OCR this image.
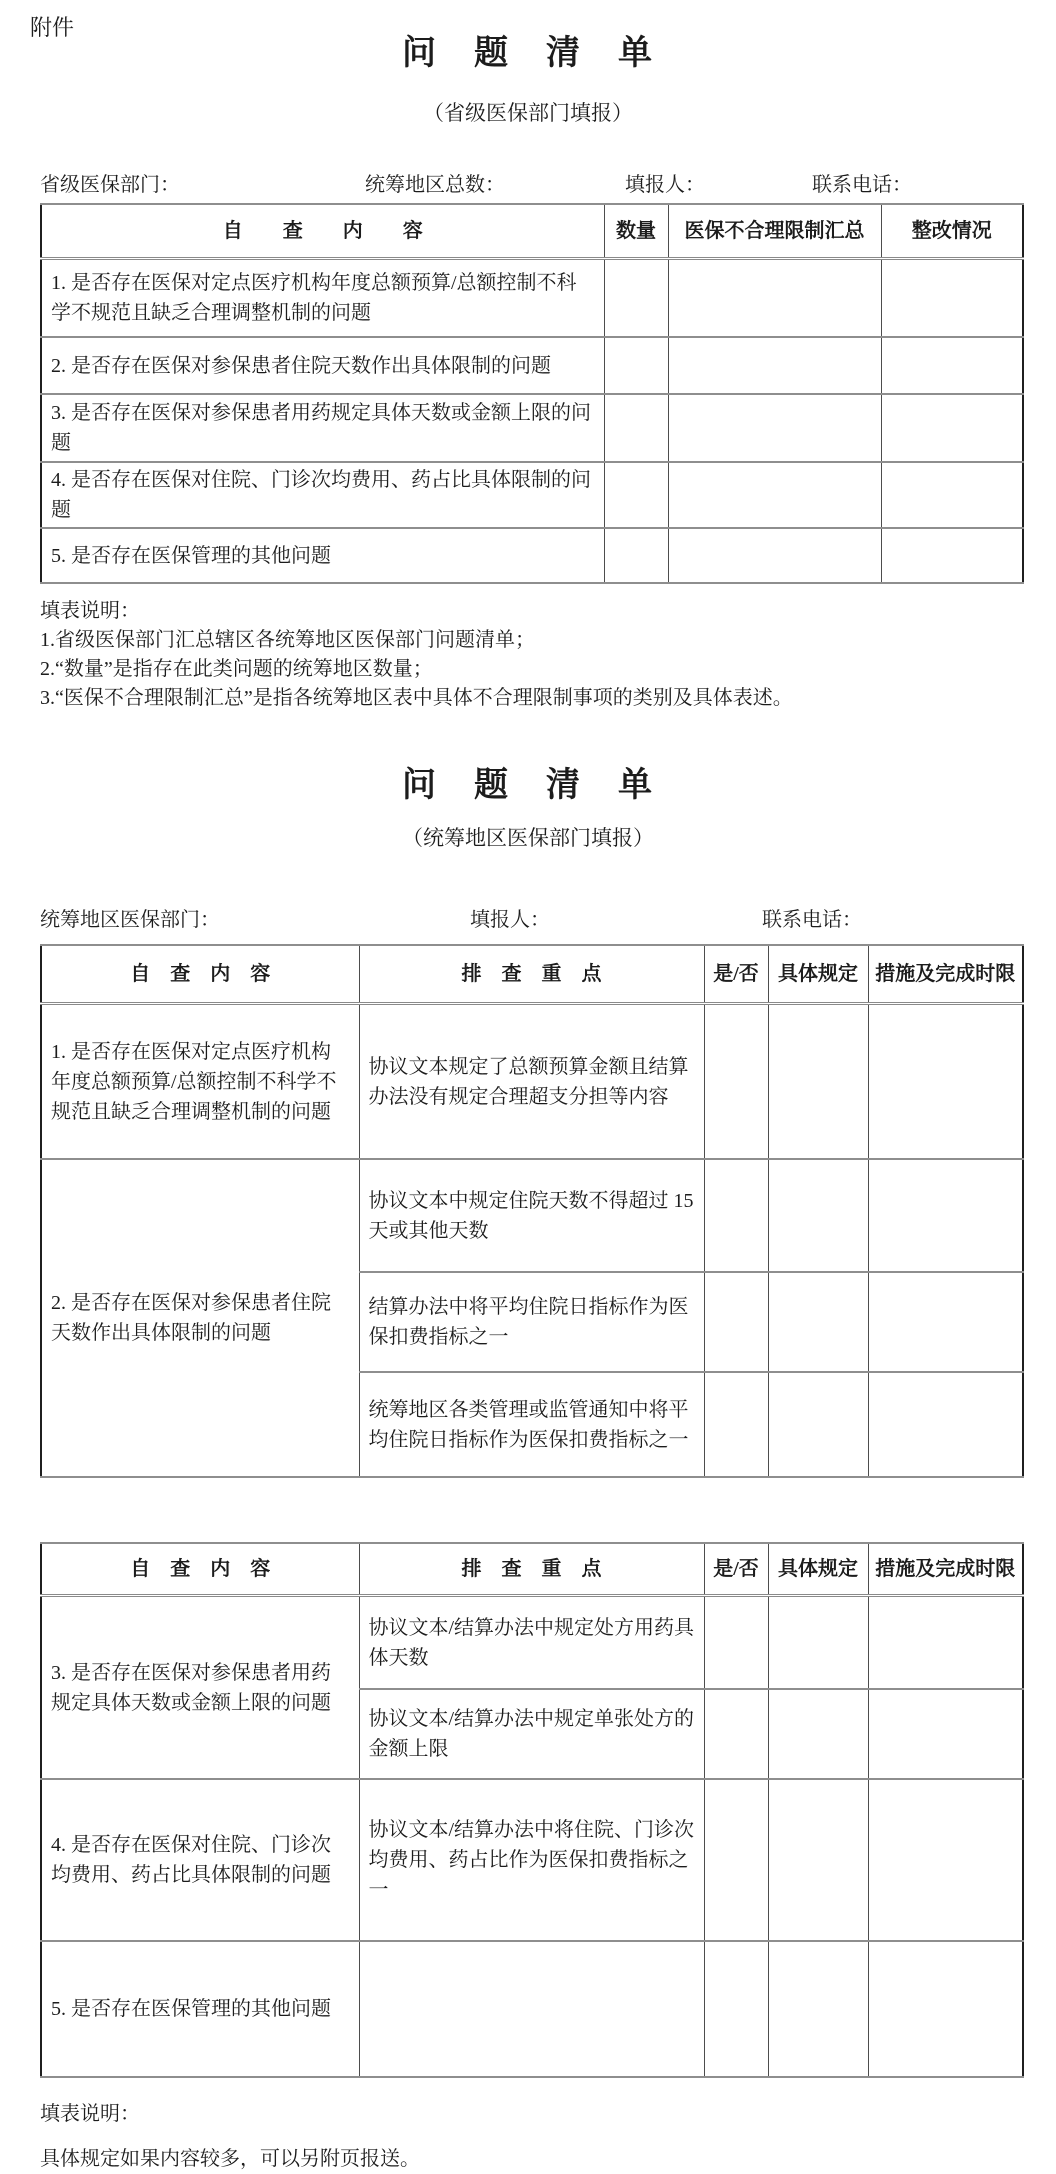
附件
问　题　清　单

（省级医保部门填报）

省级医保部门：	统筹地区总数：	填报人：	联系电话：
自　　查　　内　　容	数量	医保不合理限制汇总	整改情况
1. 是否存在医保对定点医疗机构年度总额预算/总额控制不科学不规范且缺乏合理调整机制的问题			
2. 是否存在医保对参保患者住院天数作出具体限制的问题			
3. 是否存在医保对参保患者用药规定具体天数或金额上限的问题			
4. 是否存在医保对住院、门诊次均费用、药占比具体限制的问题			
5. 是否存在医保管理的其他问题			

填表说明：

1.省级医保部门汇总辖区各统筹地区医保部门问题清单；

2.“数量”是指存在此类问题的统筹地区数量；

3.“医保不合理限制汇总”是指各统筹地区表中具体不合理限制事项的类别及具体表述。

问　题　清　单

（统筹地区医保部门填报）

统筹地区医保部门：	填报人：	联系电话：
自　查　内　容	排　查　重　点	是/否	具体规定	措施及完成时限
1. 是否存在医保对定点医疗机构年度总额预算/总额控制不科学不规范且缺乏合理调整机制的问题	协议文本规定了总额预算金额且结算办法没有规定合理超支分担等内容			
2. 是否存在医保对参保患者住院天数作出具体限制的问题	协议文本中规定住院天数不得超过 15 天或其他天数			
	结算办法中将平均住院日指标作为医保扣费指标之一			
	统筹地区各类管理或监管通知中将平均住院日指标作为医保扣费指标之一			
自　查　内　容	排　查　重　点	是/否	具体规定	措施及完成时限
3. 是否存在医保对参保患者用药规定具体天数或金额上限的问题	协议文本/结算办法中规定处方用药具体天数			
	协议文本/结算办法中规定单张处方的金额上限			
4. 是否存在医保对住院、门诊次均费用、药占比具体限制的问题	协议文本/结算办法中将住院、门诊次均费用、药占比作为医保扣费指标之一			
5. 是否存在医保管理的其他问题				

填表说明：

具体规定如果内容较多，可以另附页报送。
